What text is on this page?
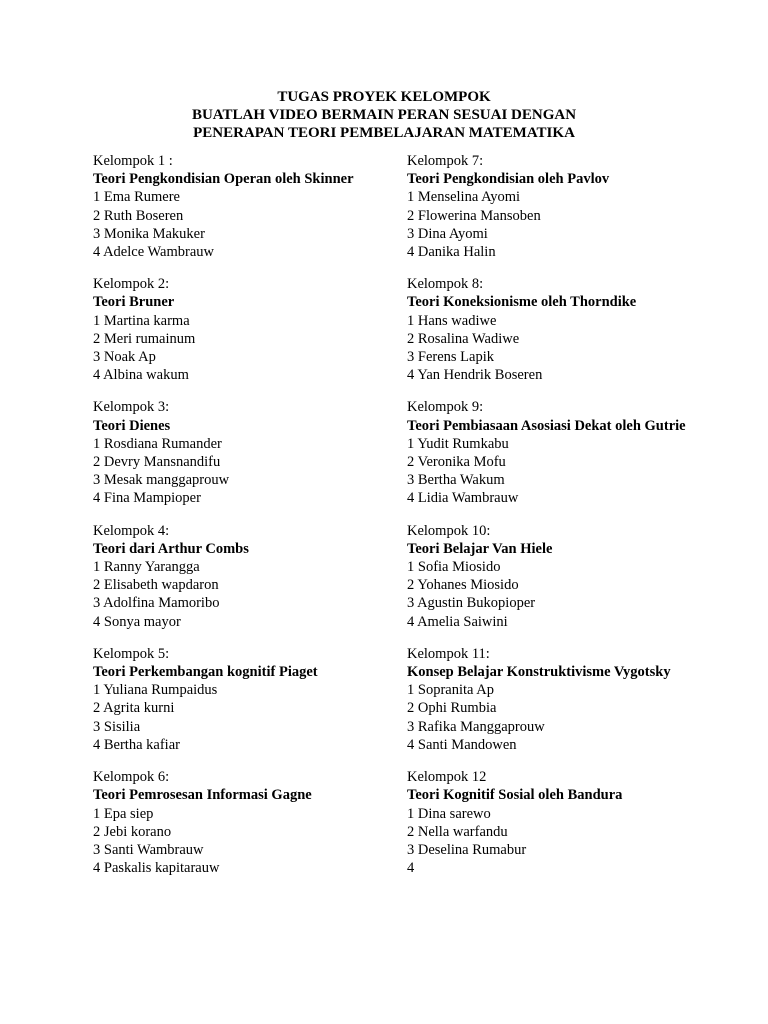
TUGAS PROYEK KELOMPOK
BUATLAH VIDEO BERMAIN PERAN SESUAI DENGAN
PENERAPAN TEORI PEMBELAJARAN MATEMATIKA
Kelompok 1 :
Teori Pengkondisian Operan oleh Skinner
1 Ema Rumere
2 Ruth Boseren
3 Monika Makuker
4 Adelce Wambrauw
Kelompok 2:
Teori Bruner
1 Martina karma
2 Meri rumainum
3 Noak Ap
4 Albina wakum
Kelompok 3:
Teori Dienes
1 Rosdiana Rumander
2 Devry Mansnandifu
3 Mesak manggaprouw
4 Fina Mampioper
Kelompok 4:
Teori dari Arthur Combs
1 Ranny Yarangga
2 Elisabeth wapdaron
3 Adolfina Mamoribo
4 Sonya mayor
Kelompok 5:
Teori Perkembangan kognitif Piaget
1 Yuliana Rumpaidus
2 Agrita kurni
3 Sisilia
4 Bertha kafiar
Kelompok 6:
Teori Pemrosesan Informasi Gagne
1 Epa siep
2 Jebi korano
3 Santi Wambrauw
4 Paskalis kapitarauw
Kelompok 7:
Teori Pengkondisian oleh Pavlov
1 Menselina Ayomi
2 Flowerina Mansoben
3 Dina Ayomi
4 Danika Halin
Kelompok 8:
Teori Koneksionisme oleh Thorndike
1 Hans wadiwe
2 Rosalina Wadiwe
3 Ferens Lapik
4 Yan Hendrik Boseren
Kelompok 9:
Teori Pembiasaan Asosiasi Dekat oleh Gutrie
1 Yudit Rumkabu
2 Veronika Mofu
3 Bertha Wakum
4 Lidia Wambrauw
Kelompok 10:
Teori Belajar Van Hiele
1 Sofia Miosido
2 Yohanes Miosido
3 Agustin Bukopioper
4 Amelia Saiwini
Kelompok 11:
Konsep Belajar Konstruktivisme Vygotsky
1 Sopranita Ap
2 Ophi Rumbia
3 Rafika Manggaprouw
4 Santi Mandowen
Kelompok 12
Teori Kognitif Sosial oleh Bandura
1 Dina sarewo
2 Nella warfandu
3 Deselina Rumabur
4
